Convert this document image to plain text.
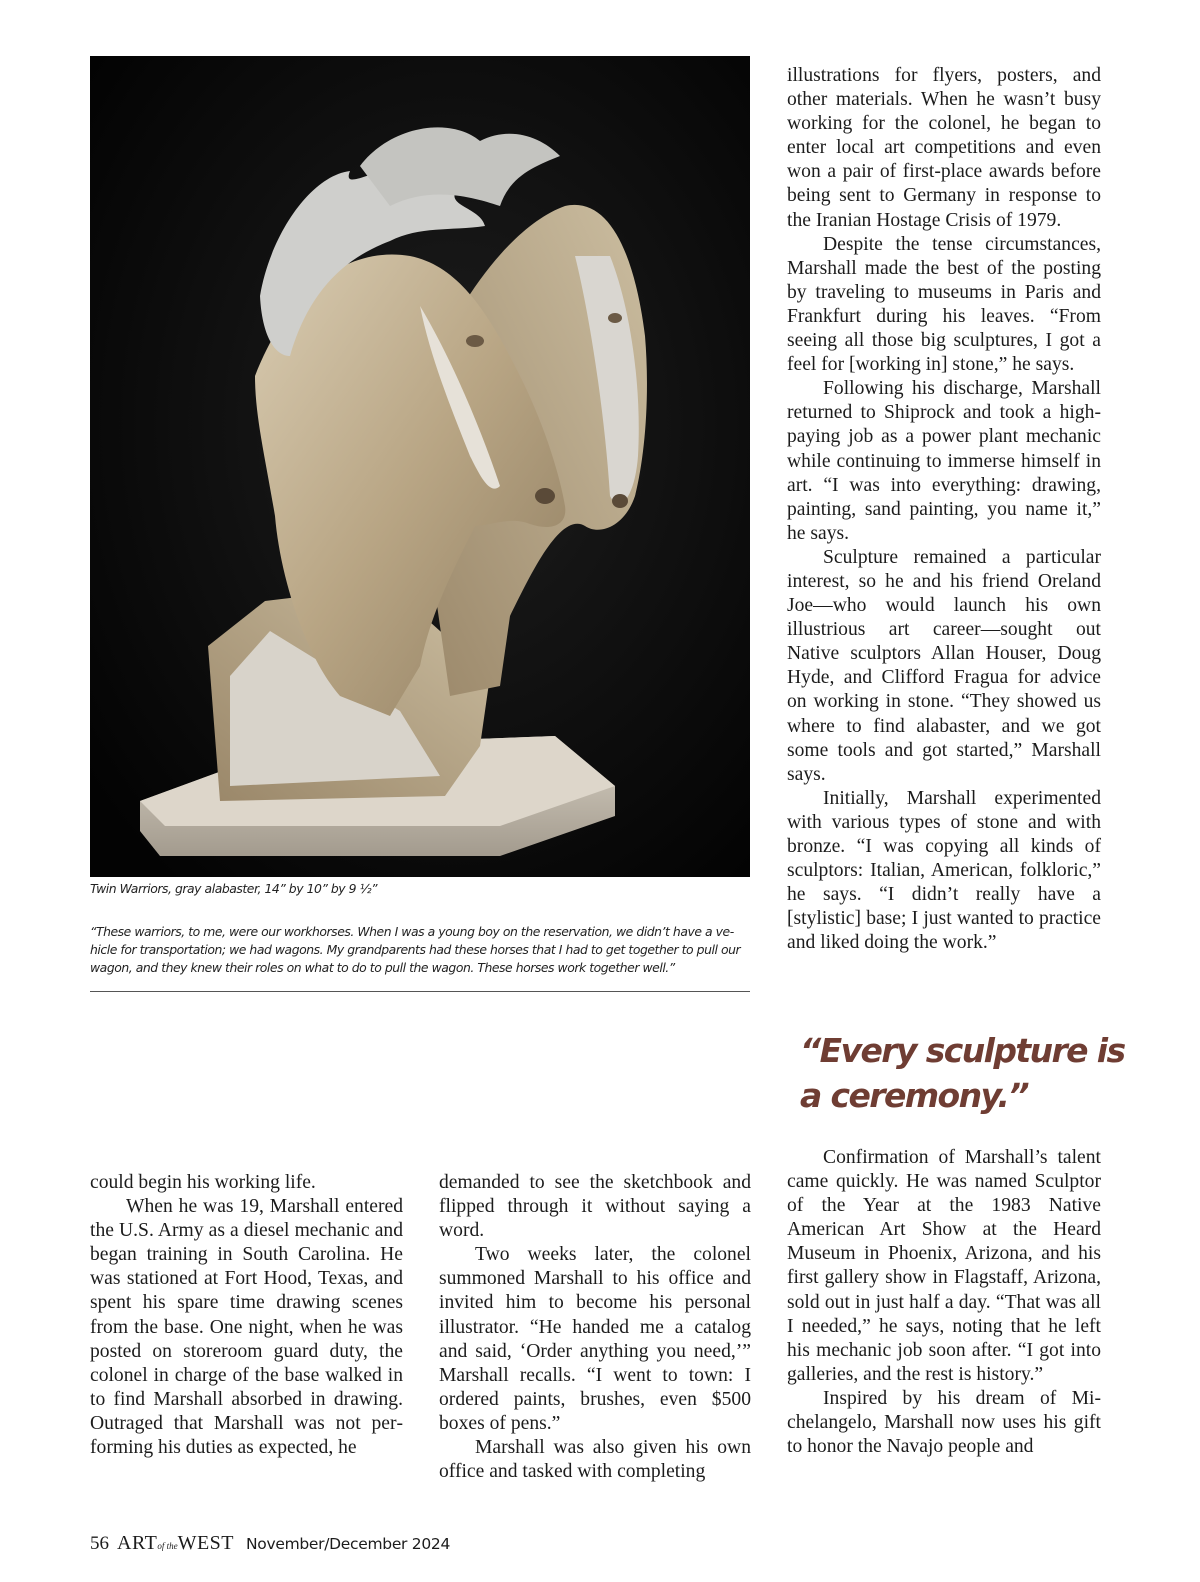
Twin Warriors, gray alabaster, 14” by 10” by 9 ½”
“These warriors, to me, were our workhorses. When I was a young boy on the reservation, we didn’t have a vehicle for transportation; we had wagons. My grandparents had these horses that I had to get together to pull our wagon, and they knew their roles on what to do to pull the wagon. These horses work together well.”

illustrations for flyers, posters, and other materials. When he wasn’t busy working for the colonel, he began to enter local art competitions and even won a pair of first-place awards before being sent to Germany in response to the Iranian Hostage Crisis of 1979.

Despite the tense circumstances, Marshall made the best of the posting by traveling to museums in Paris and Frankfurt during his leaves. “From seeing all those big sculptures, I got a feel for [working in] stone,” he says.

Following his discharge, Marshall returned to Shiprock and took a high-paying job as a power plant mechanic while continuing to immerse himself in art. “I was into everything: drawing, painting, sand painting, you name it,” he says.

Sculpture remained a particular interest, so he and his friend Oreland Joe—who would launch his own illustrious art career—sought out Native sculptors Allan Houser, Doug Hyde, and Clifford Fragua for advice on working in stone. “They showed us where to find alabaster, and we got some tools and got started,” Marshall says.

Initially, Marshall experimented with various types of stone and with bronze. “I was copying all kinds of sculptors: Italian, American, folkloric,” he says. “I didn’t really have a [stylistic] base; I just wanted to practice and liked doing the work.”

“Every sculpture is a ceremony.”

could begin his working life.

When he was 19, Marshall entered the U.S. Army as a diesel mechanic and began training in South Carolina. He was stationed at Fort Hood, Texas, and spent his spare time drawing scenes from the base. One night, when he was posted on storeroom guard duty, the colonel in charge of the base walked in to find Marshall absorbed in drawing. Outraged that Marshall was not performing his duties as expected, he

demanded to see the sketchbook and flipped through it without saying a word.

Two weeks later, the colonel summoned Marshall to his office and invited him to become his personal illustrator. “He handed me a catalog and said, ‘Order anything you need,’” Marshall recalls. “I went to town: I ordered paints, brushes, even $500 boxes of pens.”

Marshall was also given his own office and tasked with completing

Confirmation of Marshall’s talent came quickly. He was named Sculptor of the Year at the 1983 Native American Art Show at the Heard Museum in Phoenix, Arizona, and his first gallery show in Flagstaff, Arizona, sold out in just half a day. “That was all I needed,” he says, noting that he left his mechanic job soon after. “I got into galleries, and the rest is history.”

Inspired by his dream of Michelangelo, Marshall now uses his gift to honor the Navajo people and

56 ARTof theWEST November/December 2024
